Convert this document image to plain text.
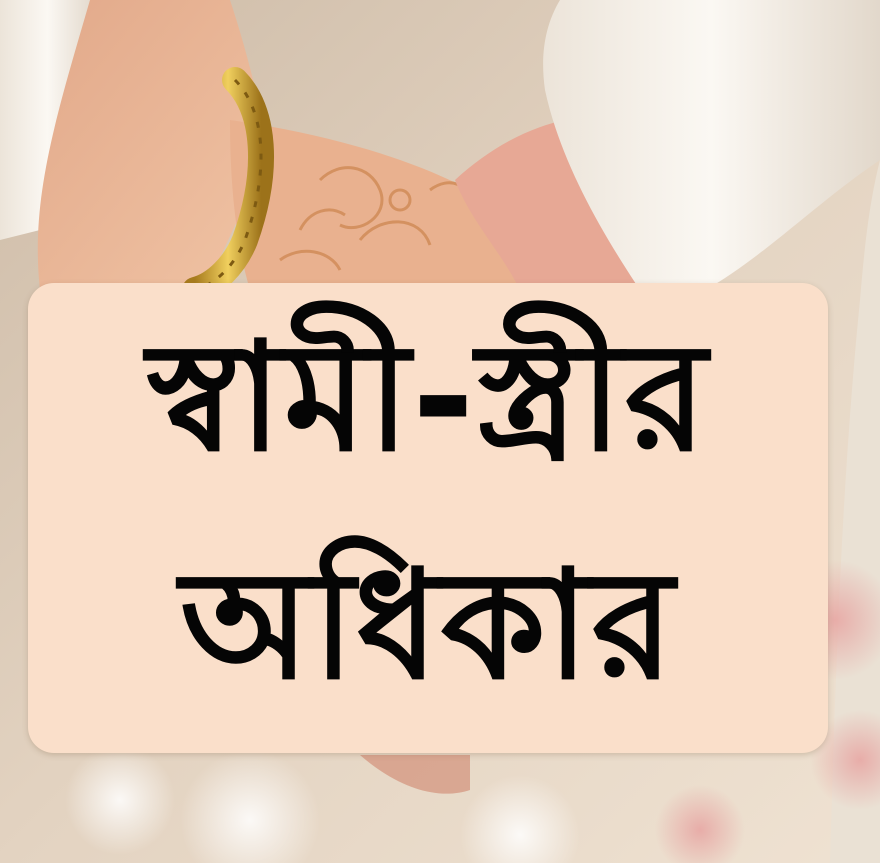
স্বামী-স্ত্রীর
অধিকার
